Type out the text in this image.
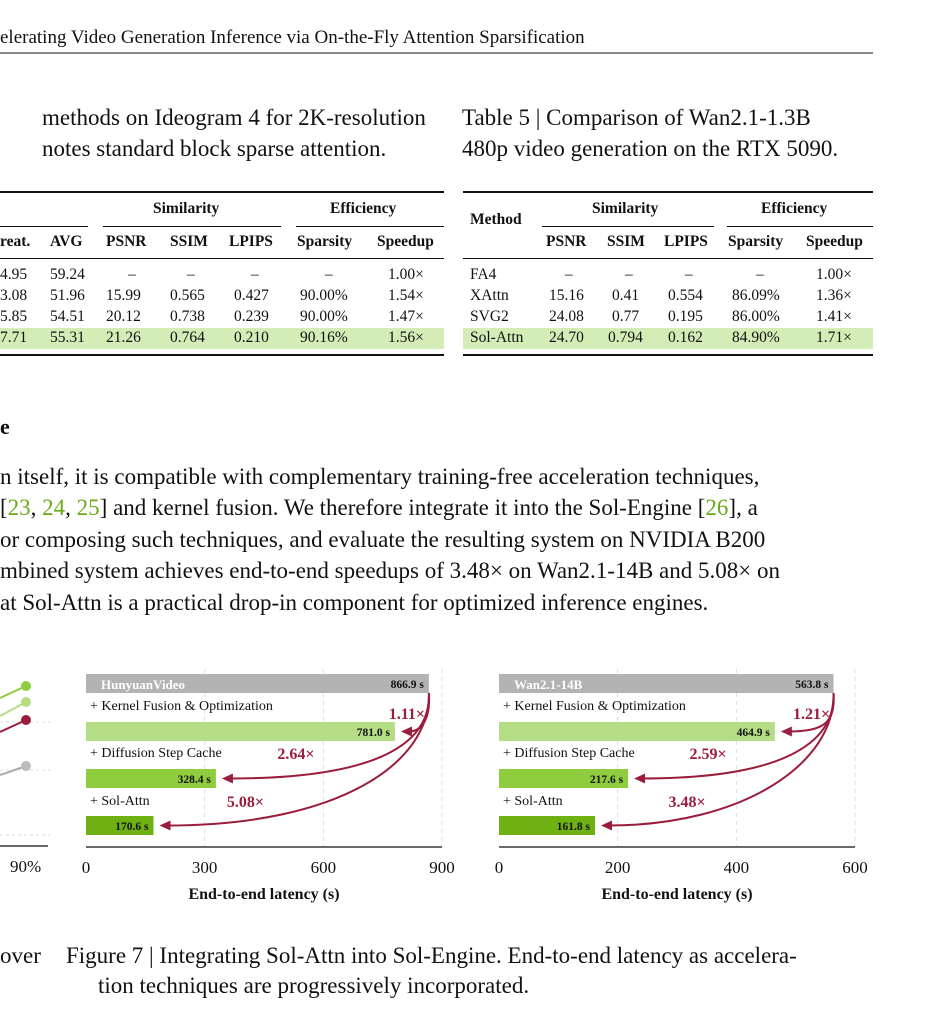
elerating Video Generation Inference via On-the-Fly Attention Sparsification
methods on Ideogram 4 for 2K-resolution
notes standard block sparse attention.
Table 5 | Comparison of Wan2.1-1.3B
480p video generation on the RTX 5090.
Similarity	Efficiency
reat. AVG PSNR SSIM LPIPS Sparsity Speedup
4.95 59.24	–	–	–	–	1.00×
3.08 51.96 15.99 0.565 0.427 90.00%	1.54×
5.85 54.51 20.12 0.738 0.239 90.00%	1.47×
7.71 55.31 21.26 0.764 0.210 90.16%	1.56×
Method
Similarity	Efficiency
PSNR SSIM LPIPS Sparsity Speedup
FA4	–	–	–	–	1.00×
XAttn	15.16 0.41 0.554 86.09% 1.36×
SVG2	24.08 0.77 0.195 86.00% 1.41×
Sol-Attn 24.70 0.794 0.162 84.90% 1.71×
e
n itself, it is compatible with complementary training-free acceleration techniques,
[23, 24, 25] and kernel fusion. We therefore integrate it into the Sol-Engine [26], a
or composing such techniques, and evaluate the resulting system on NVIDIA B200
mbined system achieves end-to-end speedups of 3.48× on Wan2.1-14B and 5.08× on
at Sol-Attn is a practical drop-in component for optimized inference engines.
90%
866.9 s
HunyuanVideo
781.0 s
+ Kernel Fusion & Optimization
328.4 s
+ Diffusion Step Cache
170.6 s
+ Sol-Attn
1.11×
2.64×
5.08×
0	300	600	900
End-to-end latency (s)
563.8 s
Wan2.1-14B
464.9 s
+ Kernel Fusion & Optimization
217.6 s
+ Diffusion Step Cache
161.8 s
+ Sol-Attn
1.21×
2.59×
3.48×
0	200	400	600
End-to-end latency (s)
over Figure 7 | Integrating Sol-Attn into Sol-Engine. End-to-end latency as accelera-
tion techniques are progressively incorporated.
